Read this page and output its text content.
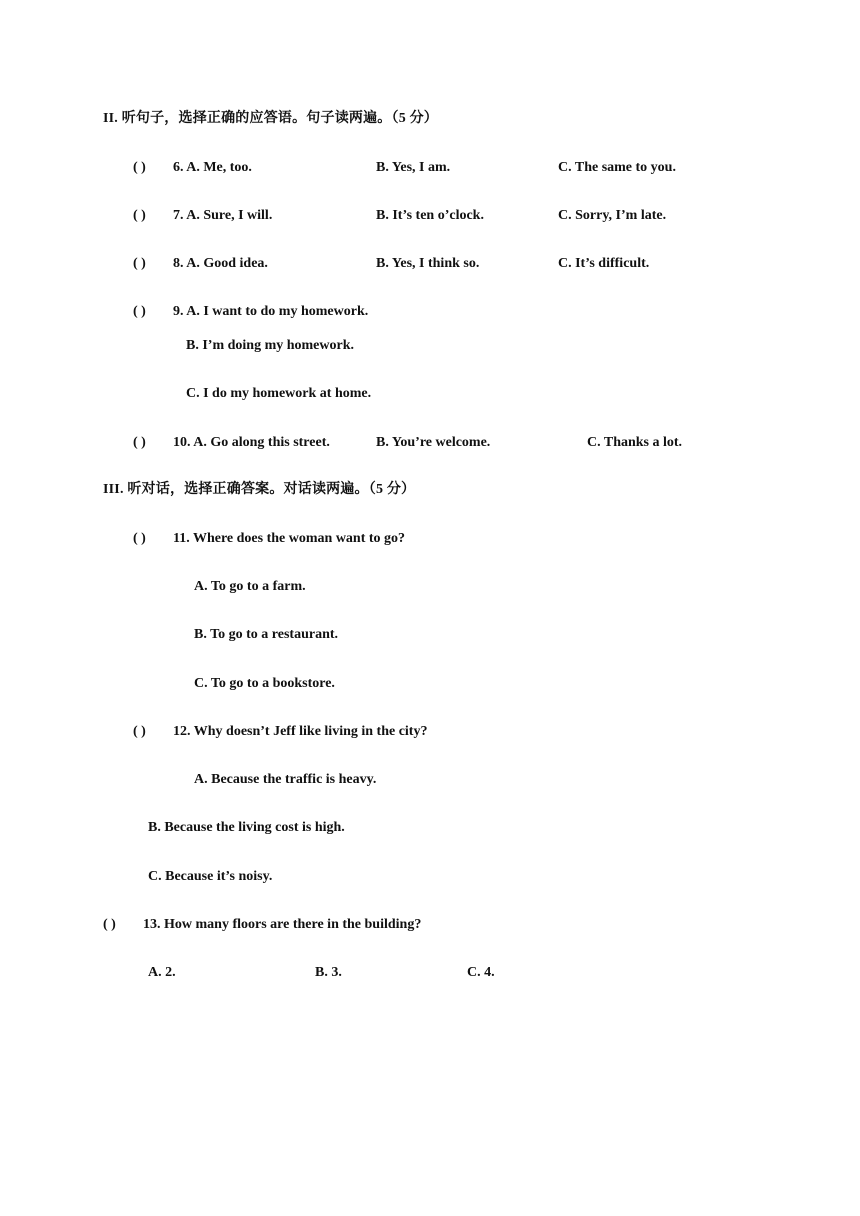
II. 听句子，选择正确的应答语。句子读两遍。（5 分）
( ) 6. A. Me, too.	B. Yes, I am.	C. The same to you.
( ) 7. A. Sure, I will.	B. It’s ten o’clock.	C. Sorry, I’m late.
( ) 8. A. Good idea.	B. Yes, I think so.	C. It’s difficult.
( ) 9. A. I want to do my homework.
B. I’m doing my homework.
C. I do my homework at home.
( ) 10. A. Go along this street.	B. You’re welcome.	C. Thanks a lot.
III. 听对话，选择正确答案。对话读两遍。（5 分）
( ) 11. Where does the woman want to go?
A. To go to a farm.
B. To go to a restaurant.
C. To go to a bookstore.
( ) 12. Why doesn’t Jeff like living in the city?
A. Because the traffic is heavy.
B. Because the living cost is high.
C. Because it’s noisy.
( ) 13. How many floors are there in the building?
A. 2.	B. 3.	C. 4.
